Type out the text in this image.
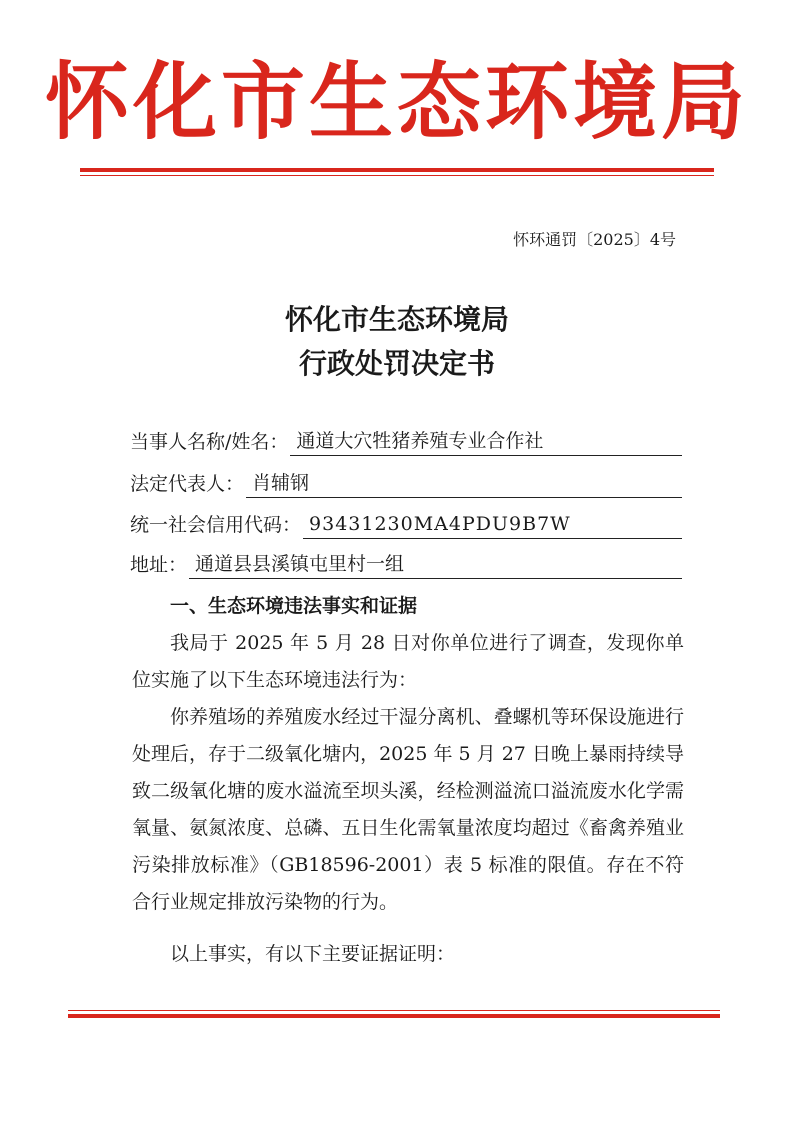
怀化市生态环境局
怀环通罚〔2025〕4号
怀化市生态环境局
行政处罚决定书
当事人名称/姓名： 通道大穴牲猪养殖专业合作社
法定代表人： 肖辅钢
统一社会信用代码： 93431230MA4PDU9B7W
地址： 通道县县溪镇屯里村一组
一、生态环境违法事实和证据
我局于 2025 年 5 月 28 日对你单位进行了调查，发现你单位实施了以下生态环境违法行为：
你养殖场的养殖废水经过干湿分离机、叠螺机等环保设施进行处理后，存于二级氧化塘内，2025 年 5 月 27 日晚上暴雨持续导致二级氧化塘的废水溢流至坝头溪，经检测溢流口溢流废水化学需氧量、氨氮浓度、总磷、五日生化需氧量浓度均超过《畜禽养殖业污染排放标准》（GB18596-2001）表 5 标准的限值。存在不符合行业规定排放污染物的行为。
以上事实，有以下主要证据证明：
